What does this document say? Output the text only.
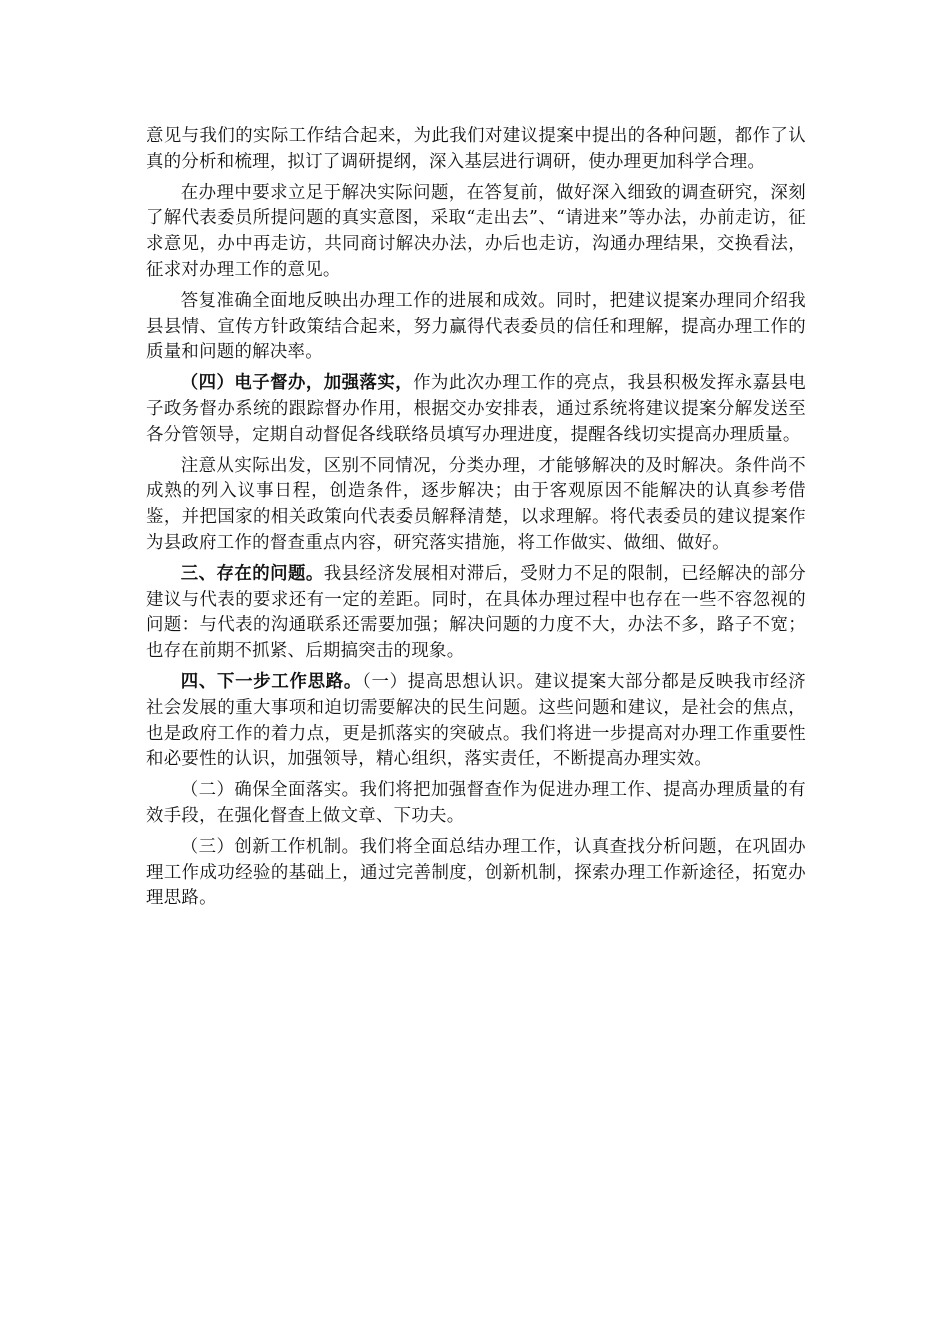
意见与我们的实际工作结合起来，为此我们对建议提案中提出的各种问题，都作了认真的分析和梳理，拟订了调研提纲，深入基层进行调研，使办理更加科学合理。

在办理中要求立足于解决实际问题，在答复前，做好深入细致的调查研究，深刻了解代表委员所提问题的真实意图，采取“走出去”、“请进来”等办法，办前走访，征求意见，办中再走访，共同商讨解决办法，办后也走访，沟通办理结果，交换看法，征求对办理工作的意见。

答复准确全面地反映出办理工作的进展和成效。同时，把建议提案办理同介绍我县县情、宣传方针政策结合起来，努力赢得代表委员的信任和理解，提高办理工作的质量和问题的解决率。

（四）电子督办，加强落实，作为此次办理工作的亮点，我县积极发挥永嘉县电子政务督办系统的跟踪督办作用，根据交办安排表，通过系统将建议提案分解发送至各分管领导，定期自动督促各线联络员填写办理进度，提醒各线切实提高办理质量。

注意从实际出发，区别不同情况，分类办理，才能够解决的及时解决。条件尚不成熟的列入议事日程，创造条件，逐步解决；由于客观原因不能解决的认真参考借鉴，并把国家的相关政策向代表委员解释清楚，以求理解。将代表委员的建议提案作为县政府工作的督查重点内容，研究落实措施，将工作做实、做细、做好。

三、存在的问题。我县经济发展相对滞后，受财力不足的限制，已经解决的部分建议与代表的要求还有一定的差距。同时，在具体办理过程中也存在一些不容忽视的问题：与代表的沟通联系还需要加强；解决问题的力度不大，办法不多，路子不宽；也存在前期不抓紧、后期搞突击的现象。

四、下一步工作思路。（一）提高思想认识。建议提案大部分都是反映我市经济社会发展的重大事项和迫切需要解决的民生问题。这些问题和建议，是社会的焦点，也是政府工作的着力点，更是抓落实的突破点。我们将进一步提高对办理工作重要性和必要性的认识，加强领导，精心组织，落实责任，不断提高办理实效。

（二）确保全面落实。我们将把加强督查作为促进办理工作、提高办理质量的有效手段，在强化督查上做文章、下功夫。

（三）创新工作机制。我们将全面总结办理工作，认真查找分析问题，在巩固办理工作成功经验的基础上，通过完善制度，创新机制，探索办理工作新途径，拓宽办理思路。
